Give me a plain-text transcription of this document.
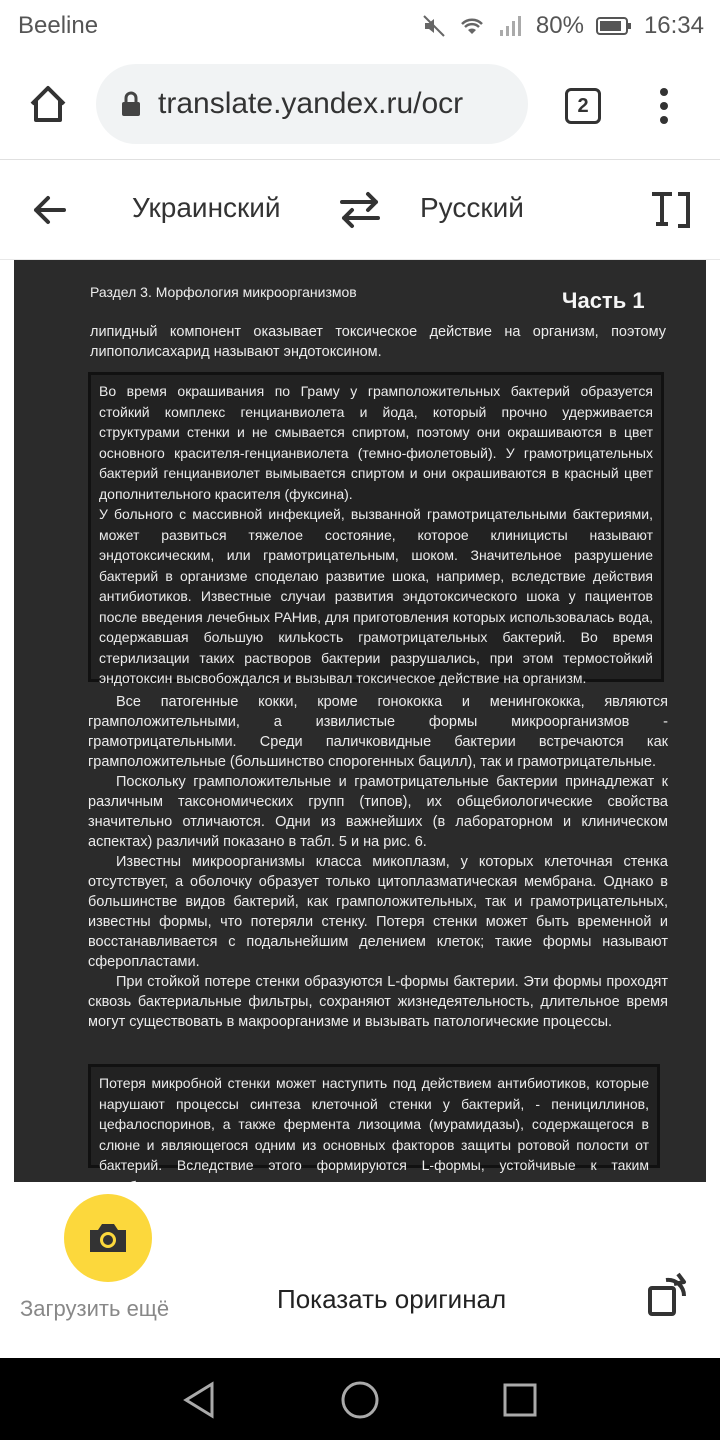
Beeline	80%	16:34
translate.yandex.ru/ocr	2
Украинский	Русский
Раздел 3. Морфология микроорганизмов	Часть 1

липидный компонент оказывает токсическое действие на организм, поэтому липополисахарид называют эндотоксином.

Во время окрашивания по Граму у грамположительных бактерий образуется стойкий комплекс генцианвиолета и йода, который прочно удерживается структурами стенки и не смывается спиртом, поэтому они окрашиваются в цвет основного красителя-генцианвиолета (темно-фиолетовый). У грамотрицательных бактерий генцианвиолет вымывается спиртом и они окрашиваются в красный цвет дополнительного красителя (фуксина).

У больного с массивной инфекцией, вызванной грамотрицательными бактериями, может развиться тяжелое состояние, которое клиницисты называют эндотоксическим, или грамотрицательным, шоком. Значительное разрушение бактерий в организме споделаю развитие шока, например, вследствие действия антибиотиков. Известные случаи развития эндотоксического шока у пациентов после введения лечебных РАНив, для приготовления которых использовалась вода, содержавшая большую кильkость грамотрицательных бактерий. Во время стерилизации таких растворов бактерии разрушались, при этом термостойкий эндотоксин высвобождался и вызывал токсическое действие на организм.

Все патогенные кокки, кроме гонококка и менингококка, являются грамположительными, а извилистые формы микроорганизмов - грамотрицательными. Среди паличковидные бактерии встречаются как грамположительные (большинство спорогенных бацилл), так и грамотрицательные.

Поскольку грамположительные и грамотрицательные бактерии принадлежат к различным таксономических групп (типов), их общебиологические свойства значительно отличаются. Одни из важнейших (в лабораторном и клиническом аспектах) различий показано в табл. 5 и на рис. 6.

Известны микроорганизмы класса микоплазм, у которых клеточная стенка отсутствует, а оболочку образует только цитоплазматическая мембрана. Однако в большинстве видов бактерий, как грамположительных, так и грамотрицательных, известны формы, что потеряли стенку. Потеря стенки может быть временной и восстанавливается с подальнейшим делением клеток; такие формы называют сферопластами.

При стойкой потере стенки образуются L-формы бактерии. Эти формы проходят сквозь бактериальные фильтры, сохраняют жизнедеятельность, длительное время могут существовать в макроорганизме и вызывать патологические процессы.

Потеря микробной стенки может наступить под действием антибиотиков, которые нарушают процессы синтеза клеточной стенки у бактерий, - пенициллинов, цефалоспоринов, а также фермента лизоцима (мурамидазы), содержащегося в слюне и являющегося одним из основных факторов защиты ротовой полости от бактерий. Вследствие этого формируются L-формы, устойчивые к таким

Загрузить ещё	Показать оригинал
